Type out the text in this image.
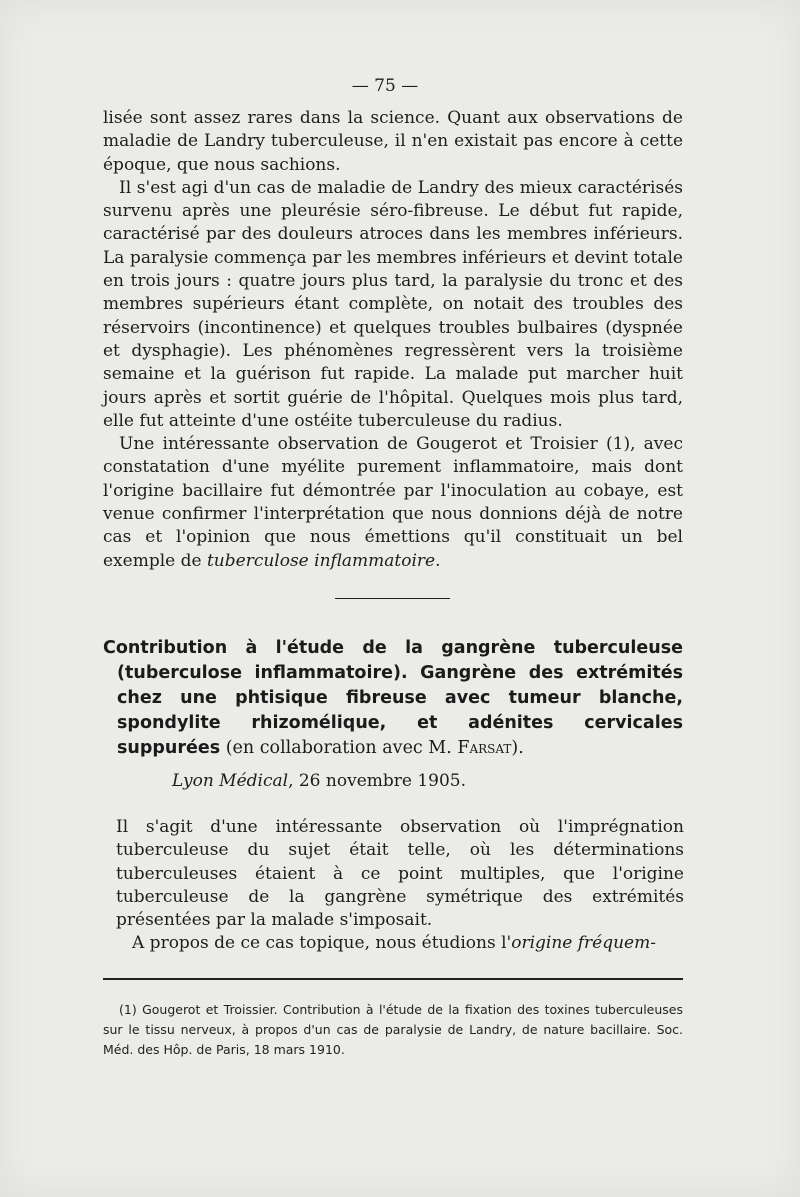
— 75 —

lisée sont assez rares dans la science. Quant aux observations de maladie de Landry tuberculeuse, il n'en existait pas encore à cette époque, que nous sachions.

Il s'est agi d'un cas de maladie de Landry des mieux caractérisés survenu après une pleurésie séro-fibreuse. Le début fut rapide, caractérisé par des douleurs atroces dans les membres inférieurs. La paralysie commença par les membres inférieurs et devint totale en trois jours : quatre jours plus tard, la paralysie du tronc et des membres supérieurs étant complète, on notait des troubles des réservoirs (incontinence) et quelques troubles bulbaires (dyspnée et dysphagie). Les phénomènes regressèrent vers la troisième semaine et la guérison fut rapide. La malade put marcher huit jours après et sortit guérie de l'hôpital. Quelques mois plus tard, elle fut atteinte d'une ostéite tuberculeuse du radius.

Une intéressante observation de Gougerot et Troisier (1), avec constatation d'une myélite purement inflammatoire, mais dont l'origine bacillaire fut démontrée par l'inoculation au cobaye, est venue confirmer l'interprétation que nous donnions déjà de notre cas et l'opinion que nous émettions qu'il constituait un bel exemple de tuberculose inflammatoire.

Contribution à l'étude de la gangrène tuberculeuse (tuberculose inflammatoire). Gangrène des extrémités chez une phtisique fibreuse avec tumeur blanche, spondylite rhizomélique, et adénites cervicales suppurées (en collaboration avec M. Farsat).
Lyon Médical, 26 novembre 1905.

Il s'agit d'une intéressante observation où l'imprégnation tuberculeuse du sujet était telle, où les déterminations tuberculeuses étaient à ce point multiples, que l'origine tuberculeuse de la gangrène symétrique des extrémités présentées par la malade s'imposait.

A propos de ce cas topique, nous étudions l'origine fréquem-

(1) Gougerot et Troissier. Contribution à l'étude de la fixation des toxines tuberculeuses sur le tissu nerveux, à propos d'un cas de paralysie de Landry, de nature bacillaire. Soc. Méd. des Hôp. de Paris, 18 mars 1910.
